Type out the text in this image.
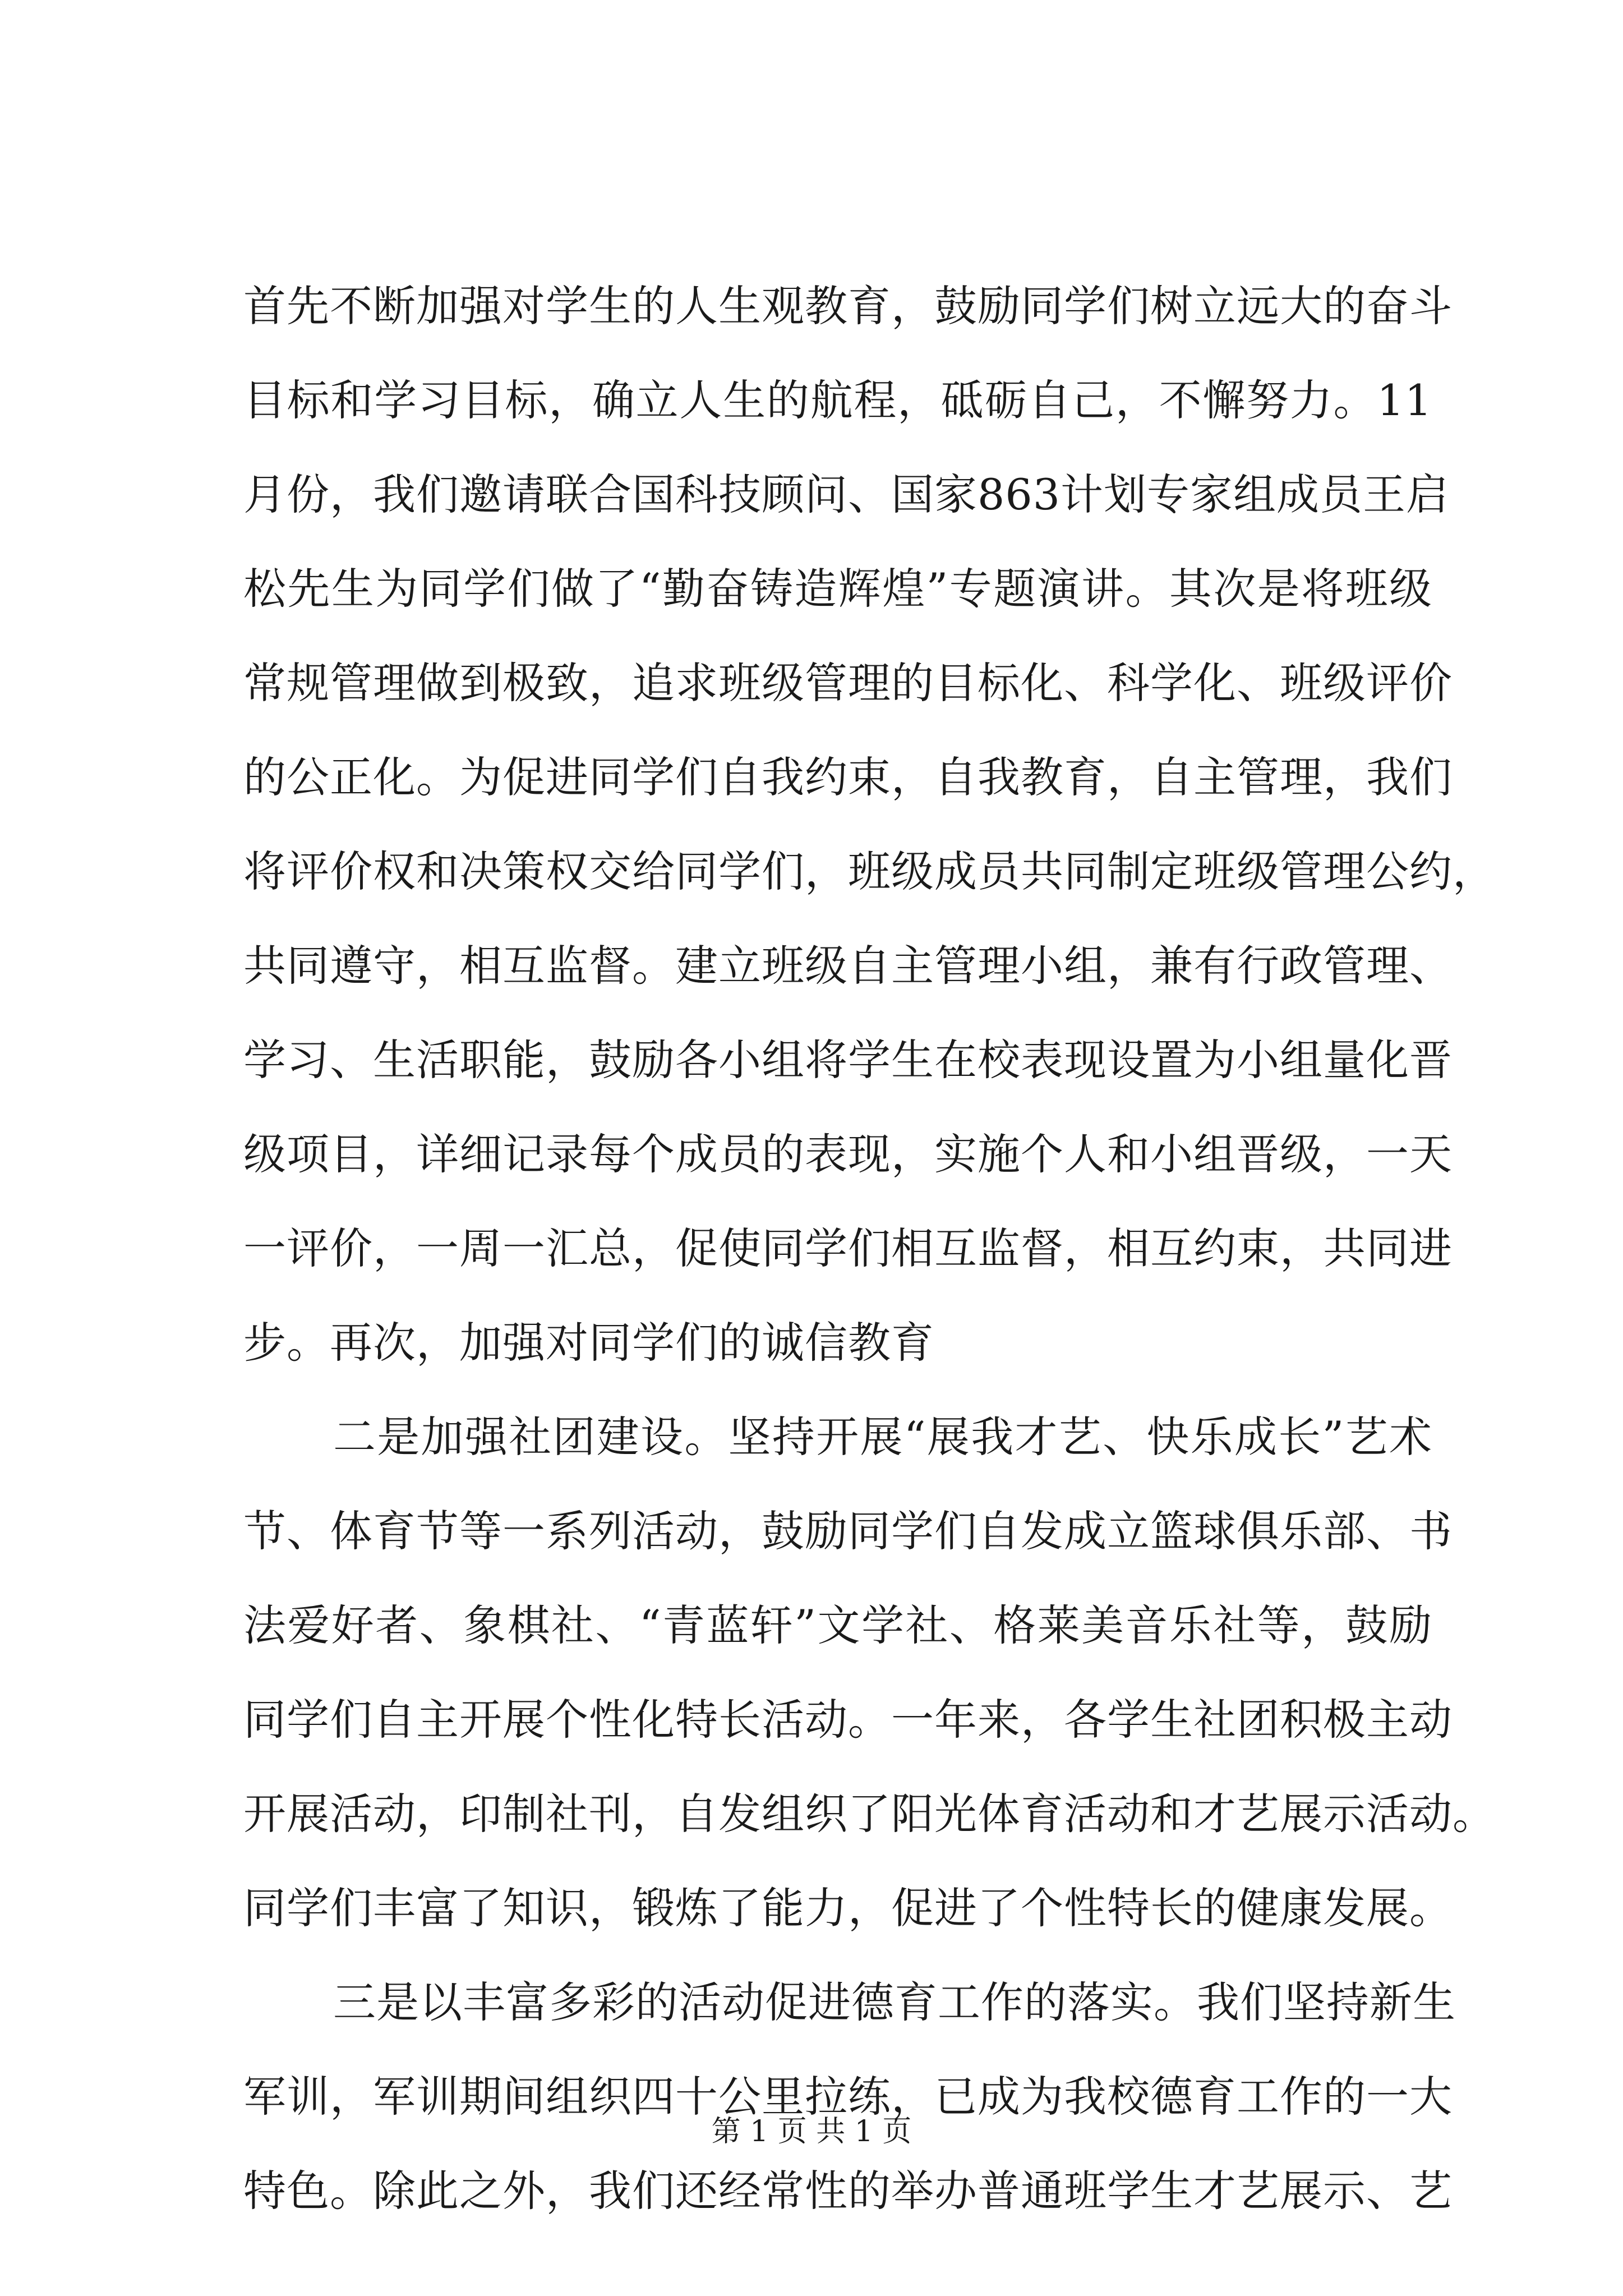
首先不断加强对学生的人生观教育，鼓励同学们树立远大的奋斗
目标和学习目标，确立人生的航程，砥砺自己，不懈努力。11
月份，我们邀请联合国科技顾问、国家863计划专家组成员王启
松先生为同学们做了“勤奋铸造辉煌”专题演讲。其次是将班级
常规管理做到极致，追求班级管理的目标化、科学化、班级评价
的公正化。为促进同学们自我约束，自我教育，自主管理，我们
将评价权和决策权交给同学们，班级成员共同制定班级管理公约，
共同遵守，相互监督。建立班级自主管理小组，兼有行政管理、
学习、生活职能，鼓励各小组将学生在校表现设置为小组量化晋
级项目，详细记录每个成员的表现，实施个人和小组晋级，一天
一评价，一周一汇总，促使同学们相互监督，相互约束，共同进
步。再次，加强对同学们的诚信教育
二是加强社团建设。坚持开展“展我才艺、快乐成长”艺术
节、体育节等一系列活动，鼓励同学们自发成立篮球俱乐部、书
法爱好者、象棋社、“青蓝轩”文学社、格莱美音乐社等，鼓励
同学们自主开展个性化特长活动。一年来，各学生社团积极主动
开展活动，印制社刊，自发组织了阳光体育活动和才艺展示活动。
同学们丰富了知识，锻炼了能力，促进了个性特长的健康发展。
三是以丰富多彩的活动促进德育工作的落实。我们坚持新生
军训，军训期间组织四十公里拉练，已成为我校德育工作的一大
特色。除此之外，我们还经常性的举办普通班学生才艺展示、艺
第 1 页 共 1 页
